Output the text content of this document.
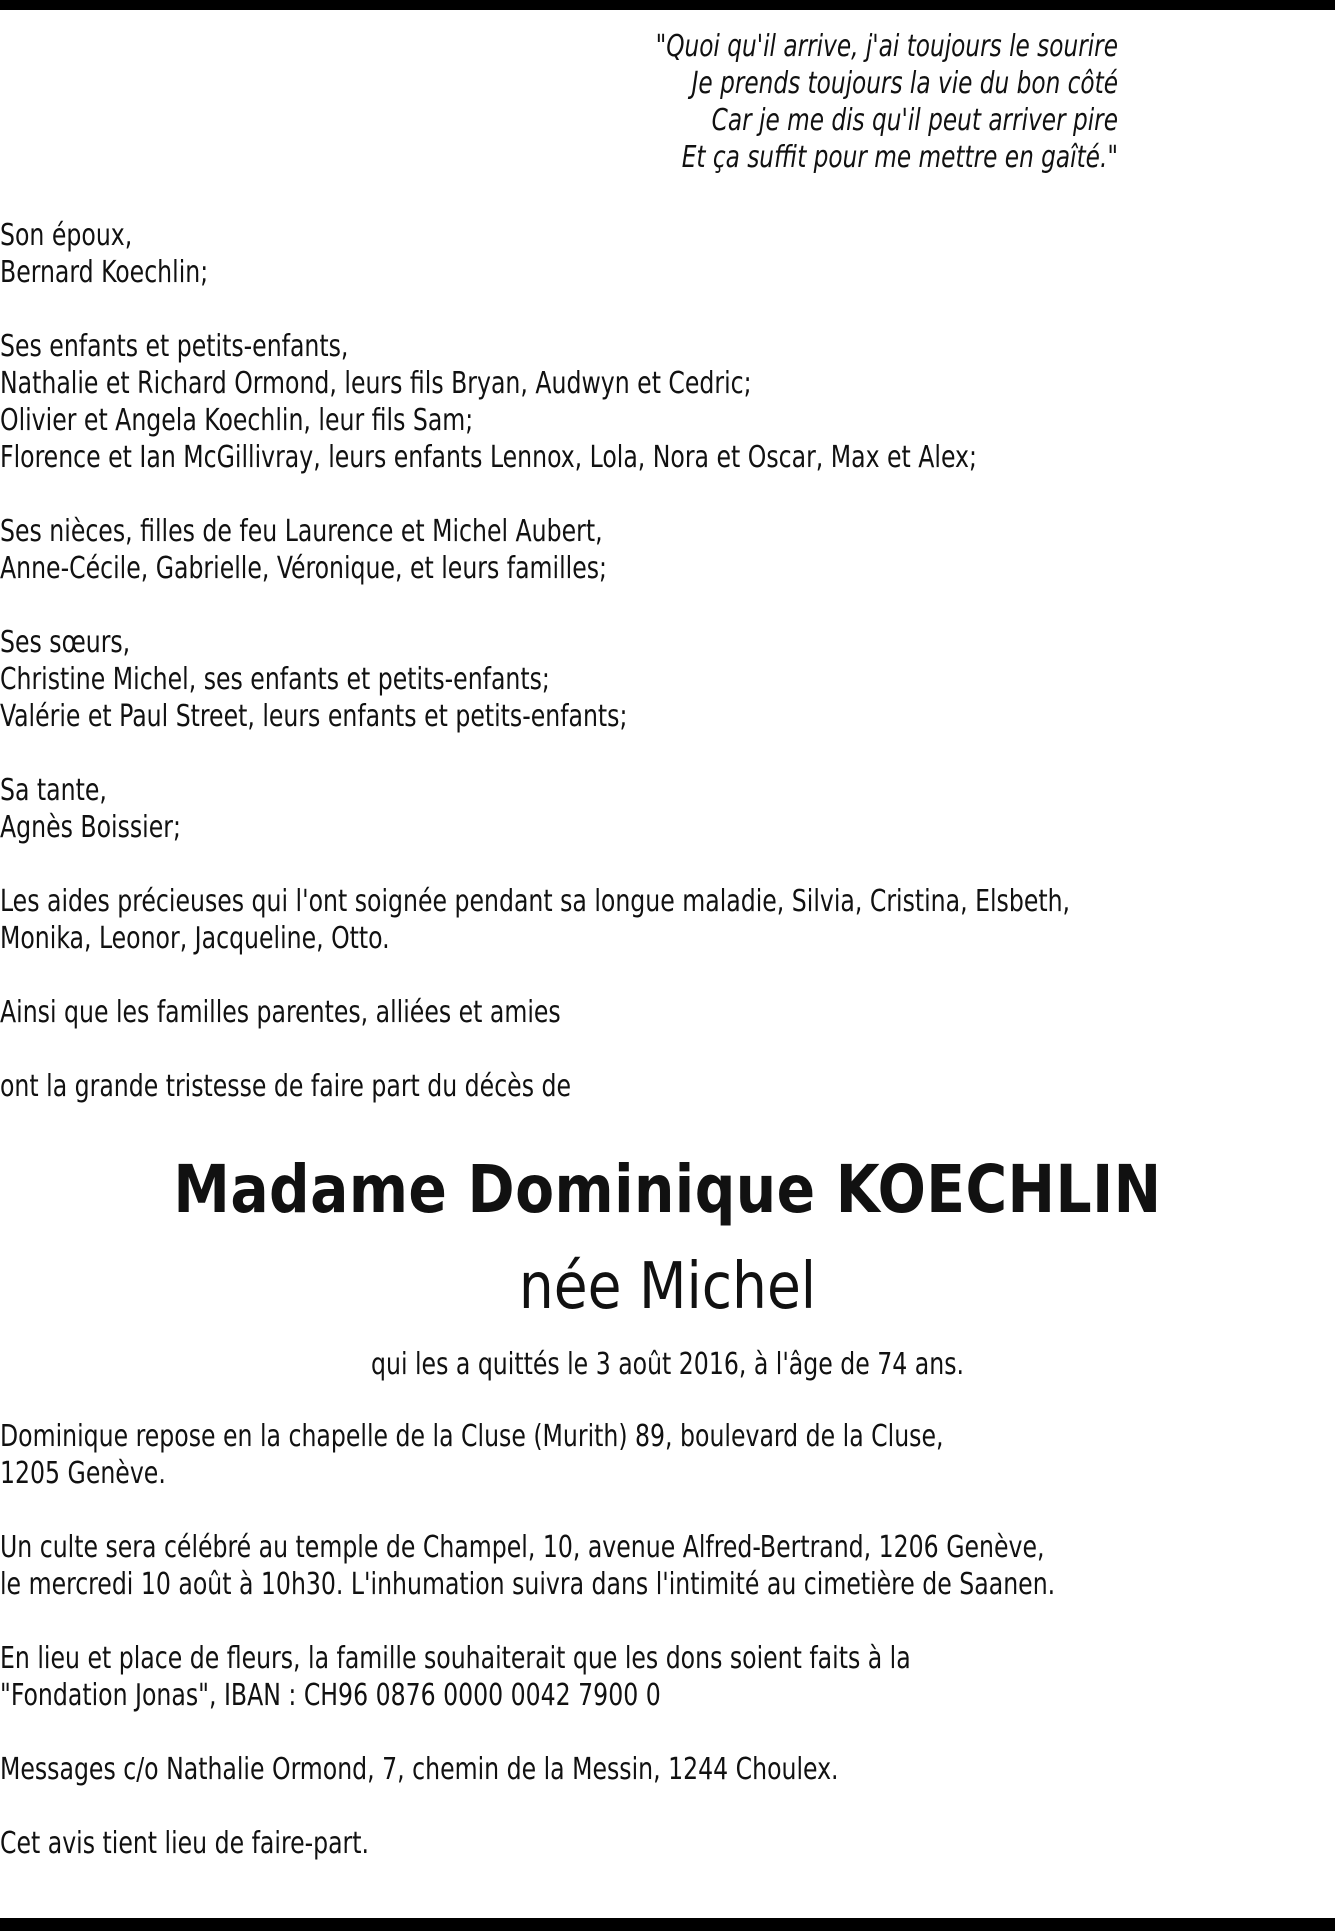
"Quoi qu'il arrive, j'ai toujours le sourire
Je prends toujours la vie du bon côté
Car je me dis qu'il peut arriver pire
Et ça suffit pour me mettre en gaîté."
Son époux,
Bernard Koechlin;
Ses enfants et petits-enfants,
Nathalie et Richard Ormond, leurs fils Bryan, Audwyn et Cedric;
Olivier et Angela Koechlin, leur fils Sam;
Florence et Ian McGillivray, leurs enfants Lennox, Lola, Nora et Oscar, Max et Alex;
Ses nièces, filles de feu Laurence et Michel Aubert,
Anne-Cécile, Gabrielle, Véronique, et leurs familles;
Ses sœurs,
Christine Michel, ses enfants et petits-enfants;
Valérie et Paul Street, leurs enfants et petits-enfants;
Sa tante,
Agnès Boissier;
Les aides précieuses qui l'ont soignée pendant sa longue maladie, Silvia, Cristina, Elsbeth,
Monika, Leonor, Jacqueline, Otto.
Ainsi que les familles parentes, alliées et amies
ont la grande tristesse de faire part du décès de
Madame Dominique KOECHLIN
née Michel
qui les a quittés le 3 août 2016, à l'âge de 74 ans.
Dominique repose en la chapelle de la Cluse (Murith) 89, boulevard de la Cluse,
1205 Genève.
Un culte sera célébré au temple de Champel, 10, avenue Alfred-Bertrand, 1206 Genève,
le mercredi 10 août à 10h30. L'inhumation suivra dans l'intimité au cimetière de Saanen.
En lieu et place de fleurs, la famille souhaiterait que les dons soient faits à la
"Fondation Jonas", IBAN : CH96 0876 0000 0042 7900 0
Messages c/o Nathalie Ormond, 7, chemin de la Messin, 1244 Choulex.
Cet avis tient lieu de faire-part.
